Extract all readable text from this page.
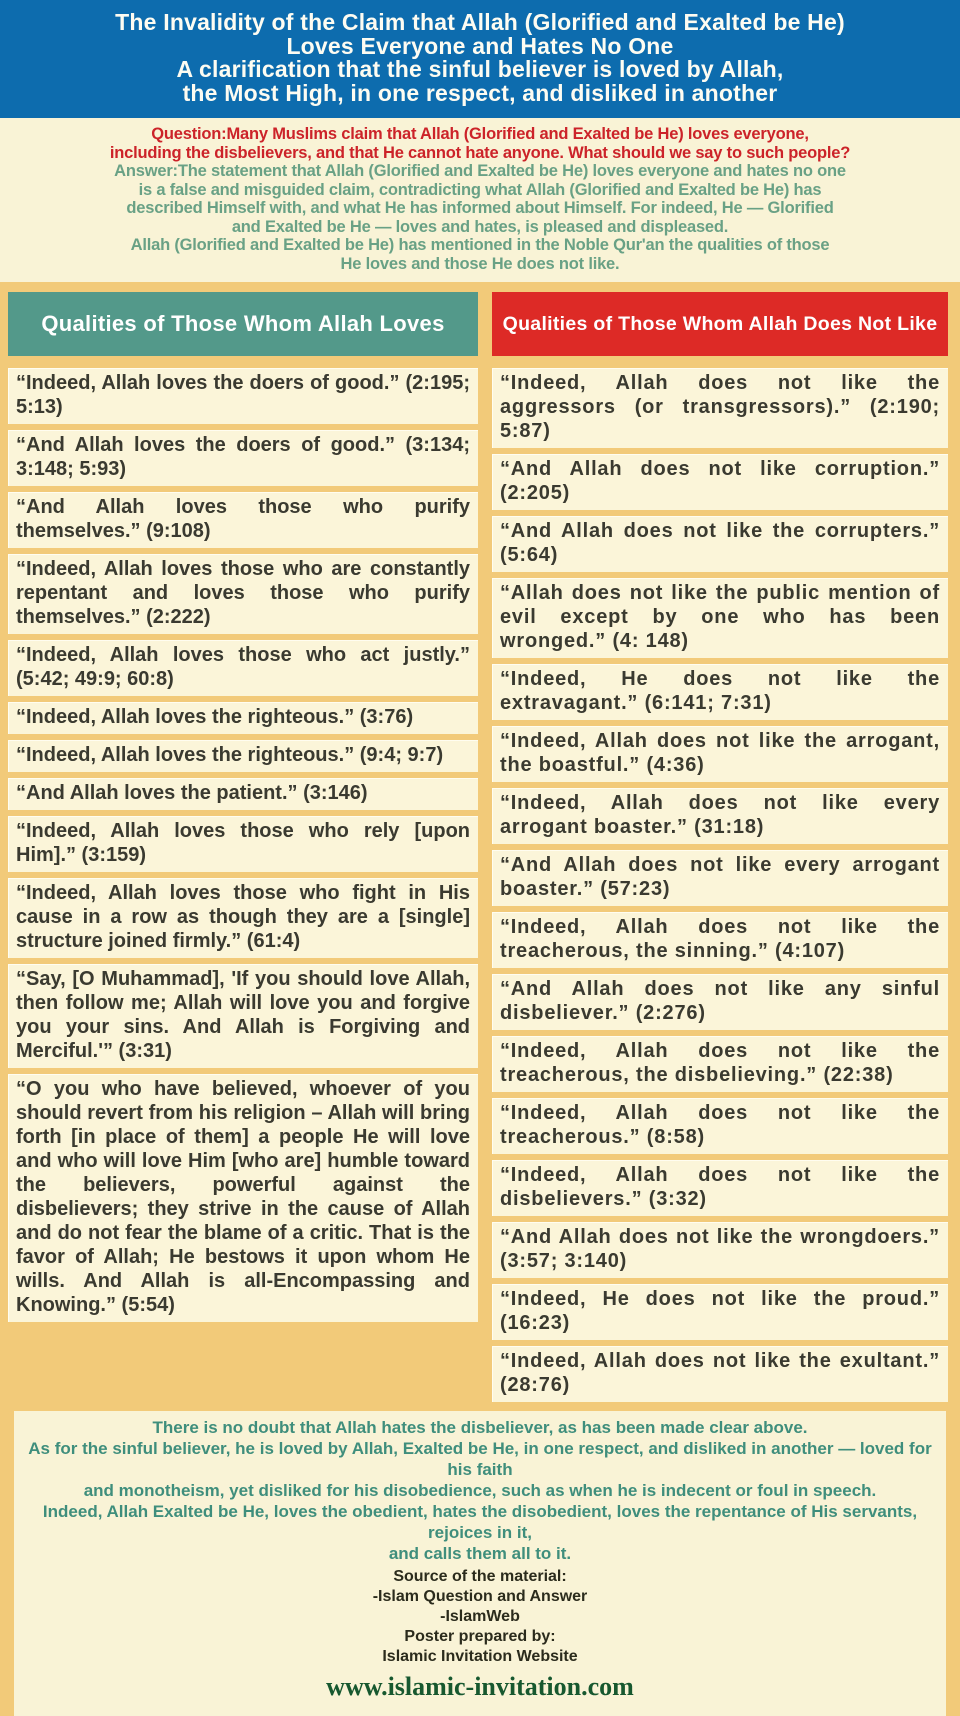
The Invalidity of the Claim that Allah (Glorified and Exalted be He)
Loves Everyone and Hates No One
A clarification that the sinful believer is loved by Allah,
the Most High, in one respect, and disliked in another
Question:Many Muslims claim that Allah (Glorified and Exalted be He) loves everyone,
including the disbelievers, and that He cannot hate anyone. What should we say to such people?
Answer:The statement that Allah (Glorified and Exalted be He) loves everyone and hates no one
is a false and misguided claim, contradicting what Allah (Glorified and Exalted be He) has
described Himself with, and what He has informed about Himself. For indeed, He — Glorified
and Exalted be He — loves and hates, is pleased and displeased.
Allah (Glorified and Exalted be He) has mentioned in the Noble Qur'an the qualities of those
He loves and those He does not like.
Qualities of Those Whom Allah Loves
“Indeed, Allah loves the doers of good.” (2:195; 5:13)
“And Allah loves the doers of good.” (3:134; 3:148; 5:93)
“And Allah loves those who purify themselves.” (9:108)
“Indeed, Allah loves those who are constantly repentant and loves those who purify themselves.” (2:222)
“Indeed, Allah loves those who act justly.” (5:42; 49:9; 60:8)
“Indeed, Allah loves the righteous.” (3:76)
“Indeed, Allah loves the righteous.” (9:4; 9:7)
“And Allah loves the patient.” (3:146)
“Indeed, Allah loves those who rely [upon Him].” (3:159)
“Indeed, Allah loves those who fight in His cause in a row as though they are a [single] structure joined firmly.” (61:4)
“Say, [O Muhammad], 'If you should love Allah, then follow me; Allah will love you and forgive you your sins. And Allah is Forgiving and Merciful.'” (3:31)
“O you who have believed, whoever of you should revert from his religion – Allah will bring forth [in place of them] a people He will love and who will love Him [who are] humble toward the believers, powerful against the disbelievers; they strive in the cause of Allah and do not fear the blame of a critic. That is the favor of Allah; He bestows it upon whom He wills. And Allah is all-Encompassing and Knowing.” (5:54)
Qualities of Those Whom Allah Does Not Like
“Indeed, Allah does not like the aggressors (or transgressors).” (2:190; 5:87)
“And Allah does not like corruption.” (2:205)
“And Allah does not like the corrupters.” (5:64)
“Allah does not like the public mention of evil except by one who has been wronged.” (4: 148)
“Indeed, He does not like the extravagant.” (6:141; 7:31)
“Indeed, Allah does not like the arrogant, the boastful.” (4:36)
“Indeed, Allah does not like every arrogant boaster.” (31:18)
“And Allah does not like every arrogant boaster.” (57:23)
“Indeed, Allah does not like the treacherous, the sinning.” (4:107)
“And Allah does not like any sinful disbeliever.” (2:276)
“Indeed, Allah does not like the treacherous, the disbelieving.” (22:38)
“Indeed, Allah does not like the treacherous.” (8:58)
“Indeed, Allah does not like the disbelievers.” (3:32)
“And Allah does not like the wrongdoers.” (3:57; 3:140)
“Indeed, He does not like the proud.” (16:23)
“Indeed, Allah does not like the exultant.” (28:76)
There is no doubt that Allah hates the disbeliever, as has been made clear above.
As for the sinful believer, he is loved by Allah, Exalted be He, in one respect, and disliked in another — loved for his faith
and monotheism, yet disliked for his disobedience, such as when he is indecent or foul in speech.
Indeed, Allah Exalted be He, loves the obedient, hates the disobedient, loves the repentance of His servants, rejoices in it,
and calls them all to it.
Source of the material:
-Islam Question and Answer
-IslamWeb
Poster prepared by:
Islamic Invitation Website
www.islamic-invitation.com
